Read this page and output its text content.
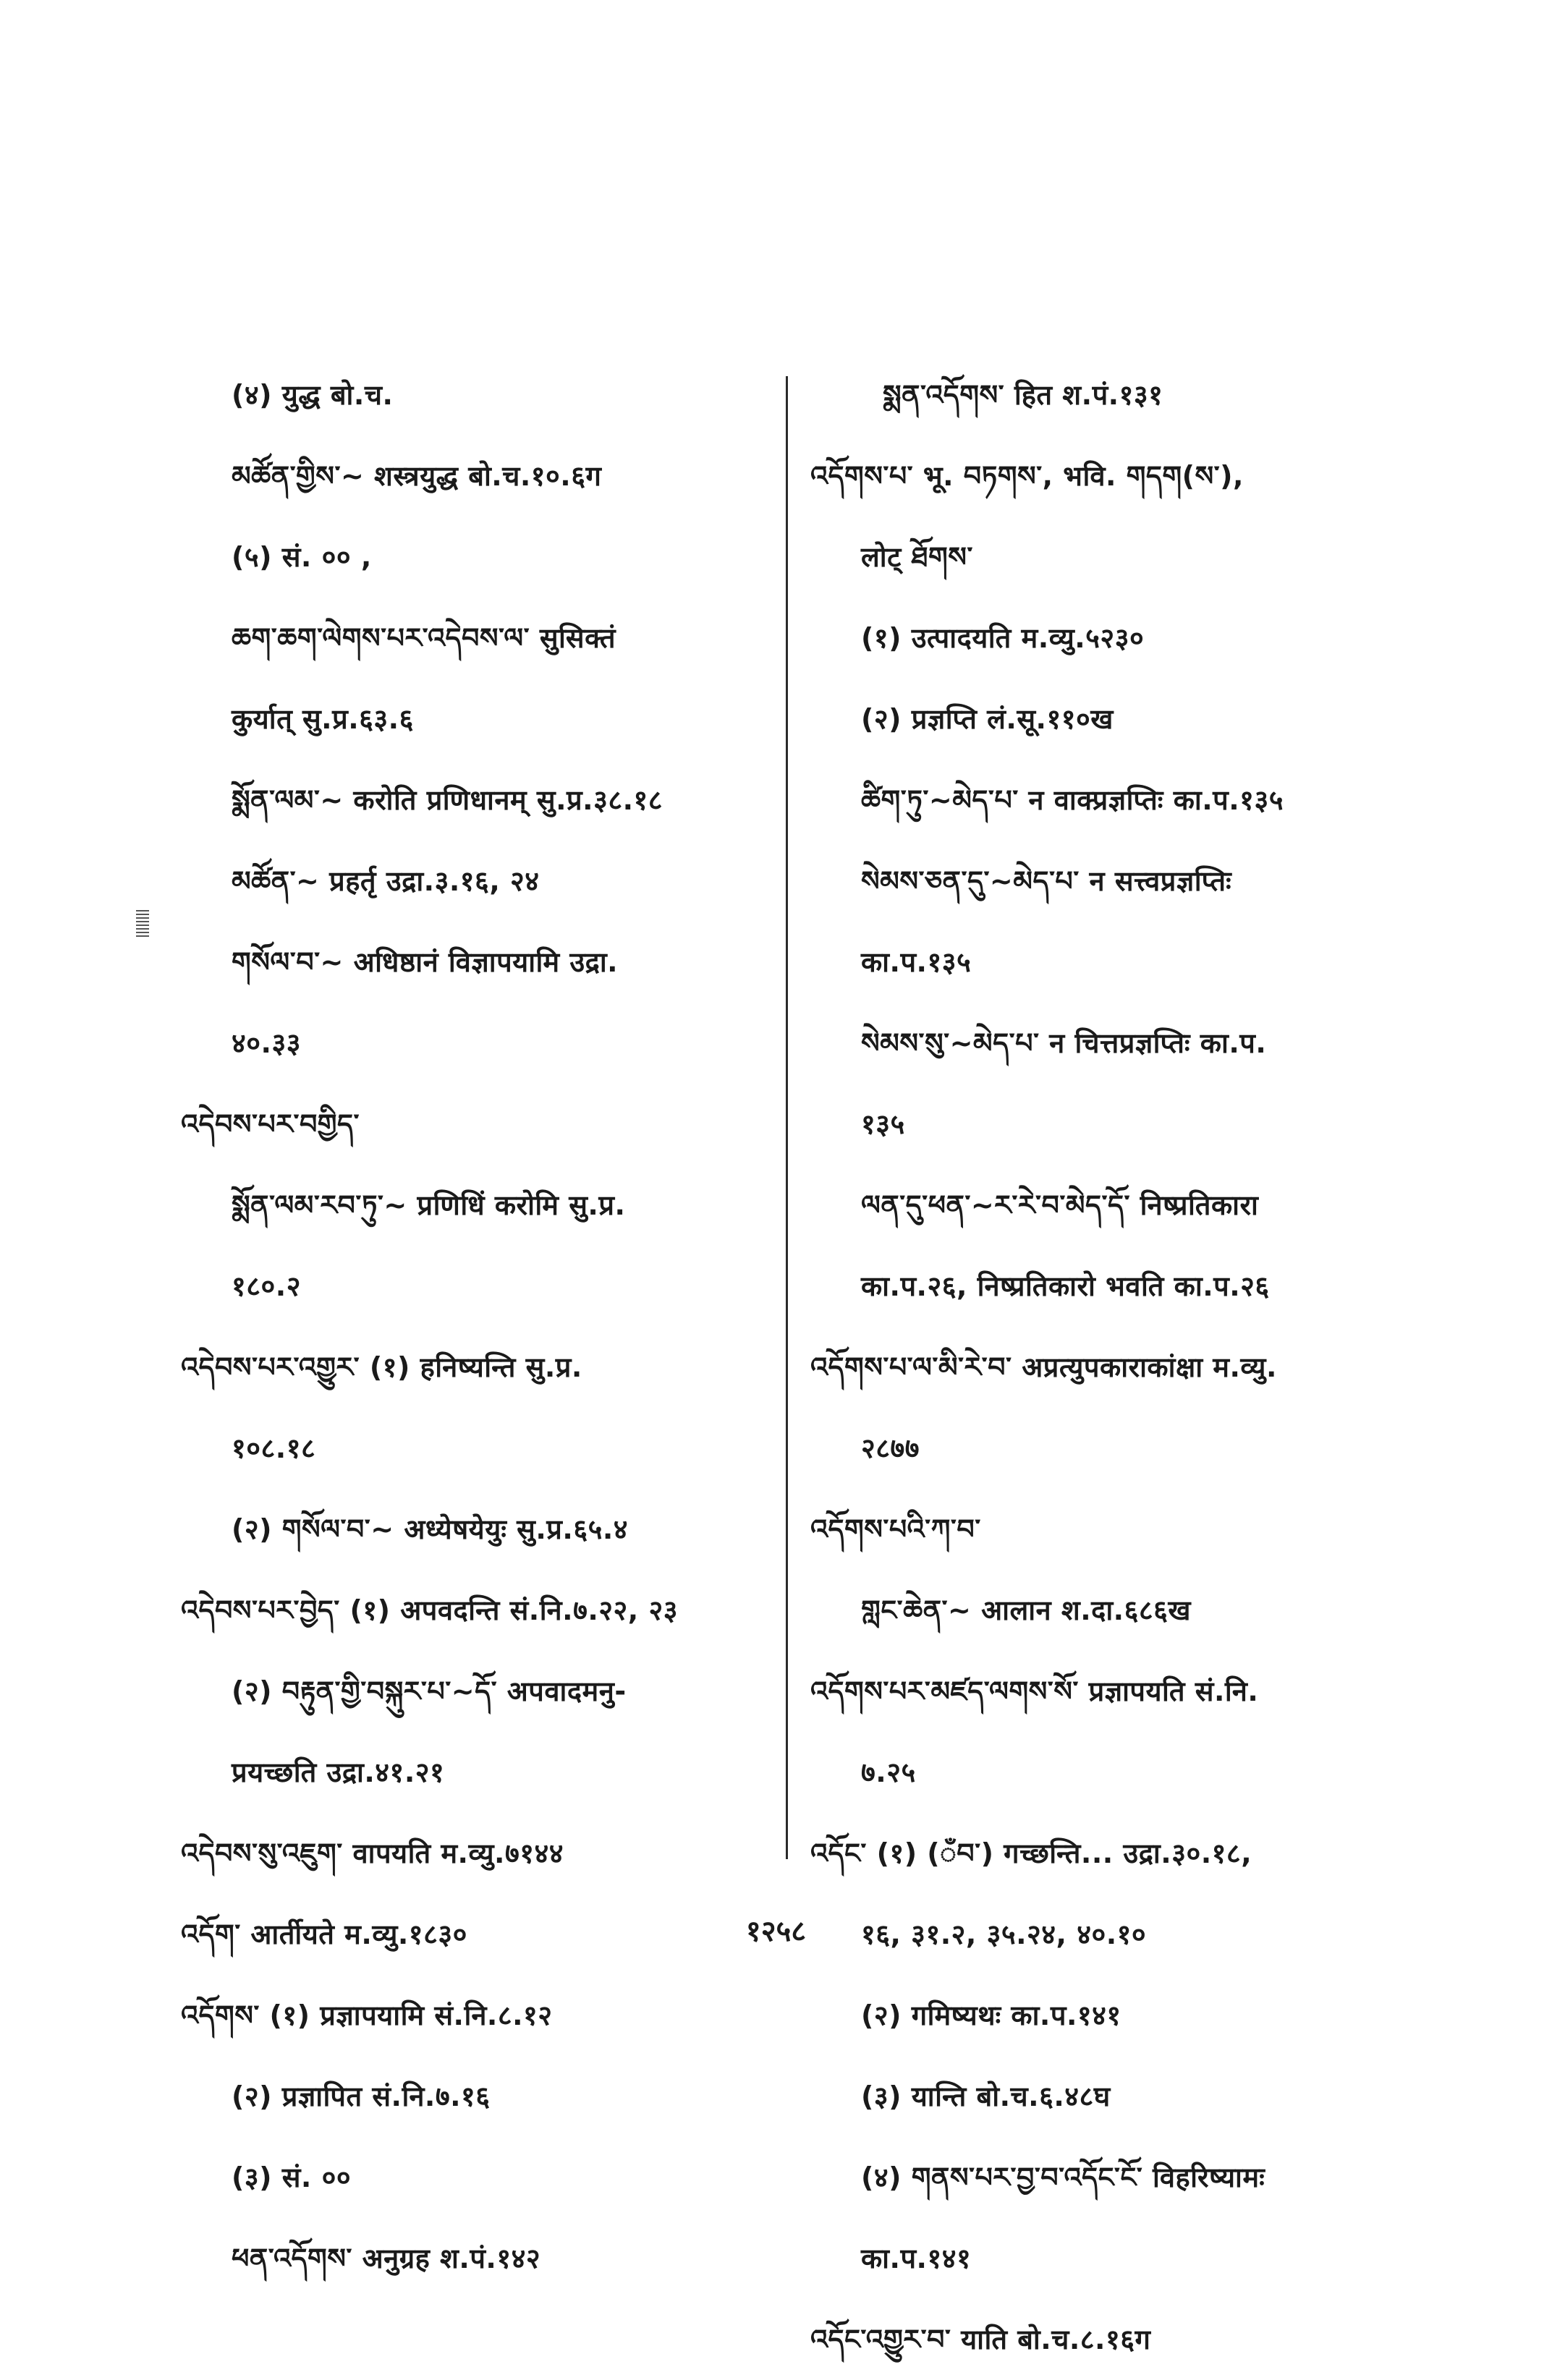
(४) युद्ध बो.च.
མཚོན་གྱིས་~ शस्त्रयुद्ध बो.च.१०.६ग
(५) सं. ०० ,
ཆག་ཆག་ལེགས་པར་འདེབས་ལ་ सुसिक्तं
कुर्यात् सु.प्र.६३.६
སྨོན་ལམ་~ करोति प्रणिधानम् सु.प्र.३८.१८
མཚོན་~ प्रहर्तृ उद्रा.३.१६, २४
གསོལ་བ་~ अधिष्ठानं विज्ञापयामि उद्रा.
४०.३३
འདེབས་པར་བགྱིད་
སྨོན་ལམ་རབ་ཏུ་~ प्रणिधिं करोमि सु.प्र.
१८०.२
འདེབས་པར་འགྱུར་ (१) हनिष्यन्ति सु.प्र.
१०८.१८
(२) གསོལ་བ་~ अध्येषयेयुः सु.प्र.६५.४
འདེབས་པར་བྱེད་ (१) अपवदन्ति सं.नि.७.२२, २३
(२) བརྟུན་གྱི་བསྐུར་པ་~དོ་ अपवादमनु-
प्रयच्छति उद्रा.४१.२१
འདེབས་སུ་འཇུག་ वापयति म.व्यु.७१४४
འདོག་ आर्तीयते म.व्यु.१८३०
འདོགས་ (१) प्रज्ञापयामि सं.नि.८.१२
(२) प्रज्ञापित सं.नि.७.१६
(३) सं. ००
ཕན་འདོགས་ अनुग्रह श.पं.१४२
སྨན་འདོགས་ हित श.पं.१३१
འདོགས་པ་ भू. བཏགས་, भवि. གདག(ས་),
लोट् ཐོགས་
(१) उत्पादयति म.व्यु.५२३०
(२) प्रज्ञप्ति लं.सू.११०ख
ཚིག་ཏུ་~མེད་པ་ न वाक्प्रज्ञप्तिः का.प.१३५
སེམས་ཅན་དུ་~མེད་པ་ न सत्त्वप्रज्ञप्तिः
का.प.१३५
སེམས་སུ་~མེད་པ་ न चित्तप्रज्ञप्तिः का.प.
१३५
ལན་དུ་ཕན་~ར་རེ་བ་མེད་དོ་ निष्प्रतिकारा
का.प.२६, निष्प्रतिकारो भवति का.प.२६
འདོགས་པ་ལ་མི་རེ་བ་ अप्रत्युपकाराकांक्षा म.व्यु.
२८७७
འདོགས་པའི་ཀ་བ་
གླང་ཆེན་~ आलान श.दा.६८६ख
འདོགས་པར་མཛད་ལགས་སོ་ प्रज्ञापयति सं.नि.
७.२५
འདོང་ (१) (ँབ་) गच्छन्ति... उद्रा.३०.१८,
१६, ३१.२, ३५.२४, ४०.१०
(२) गमिष्यथः का.प.१४१
(३) यान्ति बो.च.६.४८घ
(४) གནས་པར་བྱ་བ་འདོང་ངོ་ विहरिष्यामः
का.प.१४१
འདོང་འགྱུར་བ་ याति बो.च.८.१६ग
१२५८
